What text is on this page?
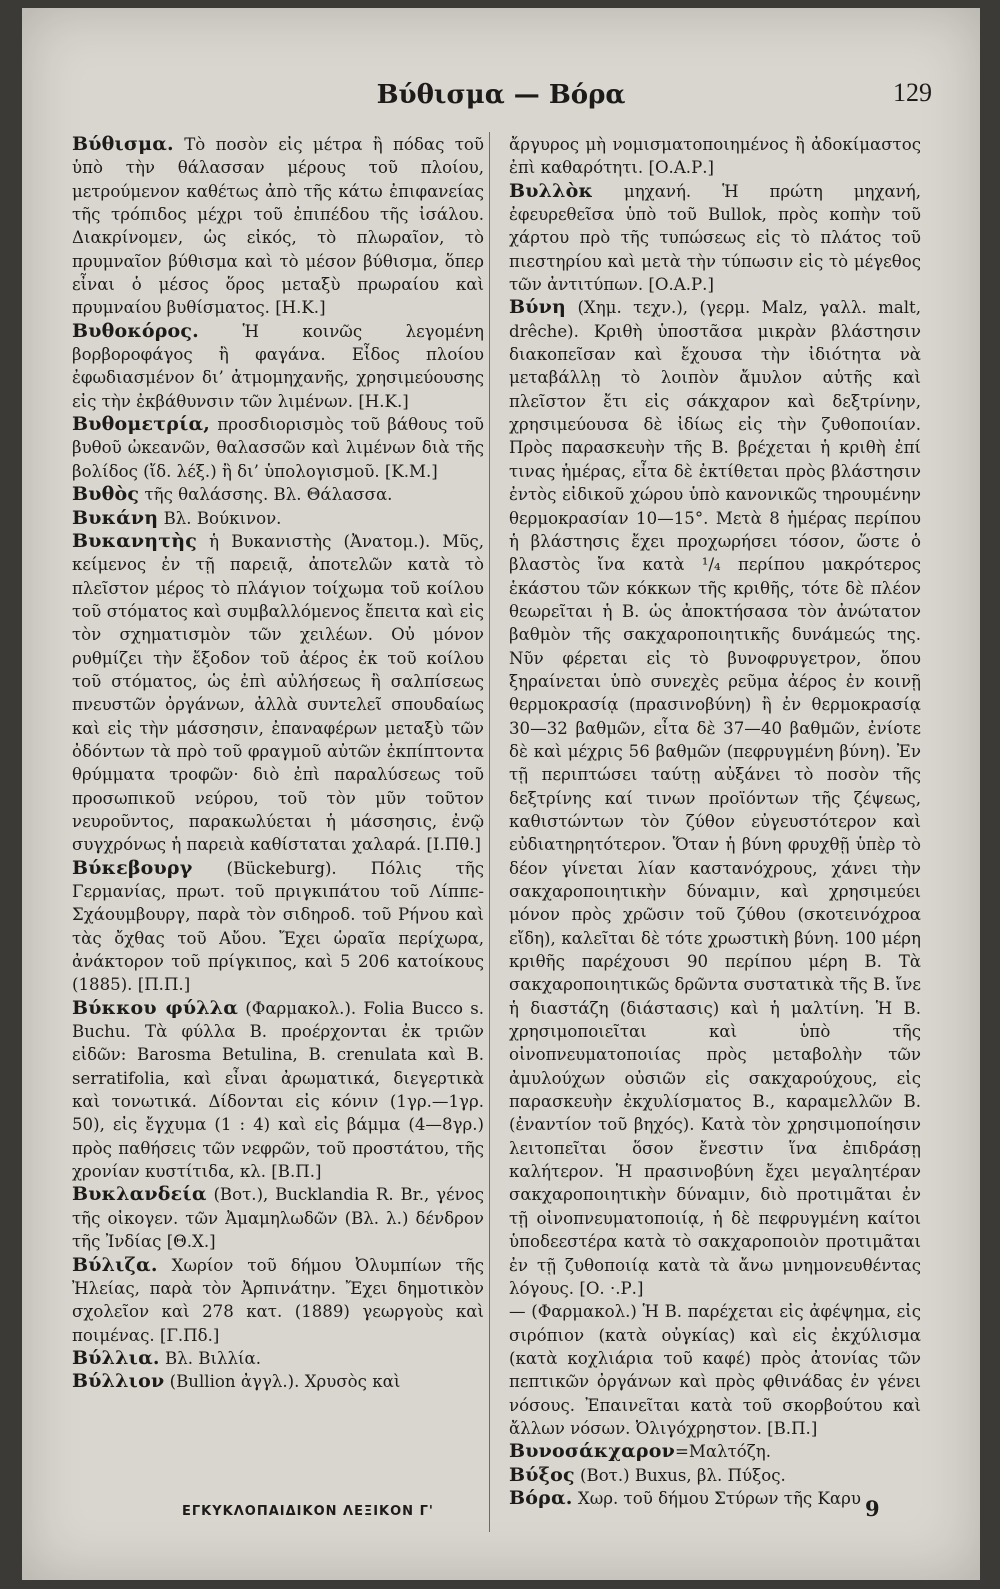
Βύθισμα — Βόρα	129

Βύθισμα. Τὸ ποσὸν εἰς μέτρα ἢ πόδας τοῦ ὑπὸ τὴν θάλασσαν μέρους τοῦ πλοίου, μετρούμενον καθέτως ἀπὸ τῆς κάτω ἐπιφανείας τῆς τρόπιδος μέχρι τοῦ ἐπιπέδου τῆς ἰσάλου. Διακρίνομεν, ὡς εἰκός, τὸ πλωραῖον, τὸ πρυμναῖον βύθισμα καὶ τὸ μέσον βύθισμα, ὅπερ εἶναι ὁ μέσος ὅρος μεταξὺ πρωραίου καὶ πρυμναίου βυθίσματος. [Η.Κ.]

Βυθοκόρος. Ἡ κοινῶς λεγομένη βορβοροφάγος ἢ φαγάνα. Εἶδος πλοίου ἐφωδιασμένον δι’ ἀτμομηχανῆς, χρησιμεύουσης εἰς τὴν ἐκβάθυνσιν τῶν λιμένων. [Η.Κ.]

Βυθομετρία, προσδιορισμὸς τοῦ βάθους τοῦ βυθοῦ ὠκεανῶν, θαλασσῶν καὶ λιμένων διὰ τῆς βολίδος (ἴδ. λέξ.) ἢ δι’ ὑπολογισμοῦ. [Κ.Μ.]

Βυθὸς τῆς θαλάσσης. Βλ. Θάλασσα.

Βυκάνη Βλ. Βούκινον.

Βυκανητὴς ἡ Βυκανιστὴς (Ἀνατομ.). Μῦς, κείμενος ἐν τῇ παρειᾷ, ἀποτελῶν κατὰ τὸ πλεῖστον μέρος τὸ πλάγιον τοίχωμα τοῦ κοίλου τοῦ στόματος καὶ συμβαλλόμενος ἔπειτα καὶ εἰς τὸν σχηματισμὸν τῶν χειλέων. Οὐ μόνον ρυθμίζει τὴν ἔξοδον τοῦ ἀέρος ἐκ τοῦ κοίλου τοῦ στόματος, ὡς ἐπὶ αὐλήσεως ἢ σαλπίσεως πνευστῶν ὀργάνων, ἀλλὰ συντελεῖ σπουδαίως καὶ εἰς τὴν μάσσησιν, ἐπαναφέρων μεταξὺ τῶν ὀδόντων τὰ πρὸ τοῦ φραγμοῦ αὐτῶν ἐκπίπτοντα θρύμματα τροφῶν· διὸ ἐπὶ παραλύσεως τοῦ προσωπικοῦ νεύρου, τοῦ τὸν μῦν τοῦτον νευροῦντος, παρακωλύεται ἡ μάσσησις, ἐνῷ συγχρόνως ἡ παρειὰ καθίσταται χαλαρά. [Ι.Πθ.]

Βύκεβουργ (Bückeburg). Πόλις τῆς Γερμανίας, πρωτ. τοῦ πριγκιπάτου τοῦ Λίππε-Σχάουμβουργ, παρὰ τὸν σιδηροδ. τοῦ Ρήνου καὶ τὰς ὄχθας τοῦ Αὔου. Ἔχει ὡραῖα περίχωρα, ἀνάκτορον τοῦ πρίγκιπος, καὶ 5 206 κατοίκους (1885). [Π.Π.]

Βύκκου φύλλα (Φαρμακολ.). Folia Bucco s. Buchu. Τὰ φύλλα Β. προέρχονται ἐκ τριῶν εἰδῶν: Barosma Betulina, B. crenulata καὶ B. serratifolia, καὶ εἶναι ἀρωματικά, διεγερτικὰ καὶ τονωτικά. Δίδονται εἰς κόνιν (1γρ.—1γρ. 50), εἰς ἔγχυμα (1 : 4) καὶ εἰς βάμμα (4—8γρ.) πρὸς παθήσεις τῶν νεφρῶν, τοῦ προστάτου, τῆς χρονίαν κυστίτιδα, κλ. [Β.Π.]

Βυκλανδεία (Βοτ.), Bucklandia R. Br., γένος τῆς οἰκογεν. τῶν Ἀμαμηλωδῶν (Βλ. λ.) δένδρον τῆς Ἰνδίας [Θ.Χ.]

Βύλιζα. Χωρίον τοῦ δήμου Ὀλυμπίων τῆς Ἠλείας, παρὰ τὸν Ἀρπινάτην. Ἔχει δημοτικὸν σχολεῖον καὶ 278 κατ. (1889) γεωργοὺς καὶ ποιμένας. [Γ.Πδ.]

Βύλλια. Βλ. Βιλλία.

Βύλλιον (Bullion ἀγγλ.). Χρυσὸς καὶ

ἄργυρος μὴ νομισματοποιημένος ἢ ἀδοκίμαστος ἐπὶ καθαρότητι. [Ο.Α.Ρ.]

Βυλλὸκ μηχανή. Ἡ πρώτη μηχανή, ἐφευρεθεῖσα ὑπὸ τοῦ Bullok, πρὸς κοπὴν τοῦ χάρτου πρὸ τῆς τυπώσεως εἰς τὸ πλάτος τοῦ πιεστηρίου καὶ μετὰ τὴν τύπωσιν εἰς τὸ μέγεθος τῶν ἀντιτύπων. [Ο.Α.Ρ.]

Βύνη (Χημ. τεχν.), (γερμ. Malz, γαλλ. malt, drêche). Κριθὴ ὑποστᾶσα μικρὰν βλάστησιν διακοπεῖσαν καὶ ἔχουσα τὴν ἰδιότητα νὰ μεταβάλλῃ τὸ λοιπὸν ἄμυλον αὐτῆς καὶ πλεῖστον ἔτι εἰς σάκχαρον καὶ δεξτρίνην, χρησιμεύουσα δὲ ἰδίως εἰς τὴν ζυθοποιίαν. Πρὸς παρασκευὴν τῆς Β. βρέχεται ἡ κριθὴ ἐπί τινας ἡμέρας, εἶτα δὲ ἐκτίθεται πρὸς βλάστησιν ἐντὸς εἰδικοῦ χώρου ὑπὸ κανονικῶς τηρουμένην θερμοκρασίαν 10—15°. Μετὰ 8 ἡμέρας περίπου ἡ βλάστησις ἔχει προχωρήσει τόσον, ὥστε ὁ βλαστὸς ἴνα κατὰ ¹/₄ περίπου μακρότερος ἑκάστου τῶν κόκκων τῆς κριθῆς, τότε δὲ πλέον θεωρεῖται ἡ Β. ὡς ἀποκτήσασα τὸν ἀνώτατον βαθμὸν τῆς σακχαροποιητικῆς δυνάμεώς της. Νῦν φέρεται εἰς τὸ βυνοφρυγετρον, ὅπου ξηραίνεται ὑπὸ συνεχὲς ρεῦμα ἀέρος ἐν κοινῇ θερμοκρασίᾳ (πρασινοβύνη) ἢ ἐν θερμοκρασίᾳ 30—32 βαθμῶν, εἶτα δὲ 37—40 βαθμῶν, ἐνίοτε δὲ καὶ μέχρις 56 βαθμῶν (πεφρυγμένη βύνη). Ἐν τῇ περιπτώσει ταύτῃ αὐξάνει τὸ ποσὸν τῆς δεξτρίνης καί τινων προϊόντων τῆς ζέψεως, καθιστώντων τὸν ζύθον εὐγευστότερον καὶ εὐδιατηρητότερον. Ὅταν ἡ βύνη φρυχθῇ ὑπὲρ τὸ δέον γίνεται λίαν καστανόχρους, χάνει τὴν σακχαροποιητικὴν δύναμιν, καὶ χρησιμεύει μόνον πρὸς χρῶσιν τοῦ ζύθου (σκοτεινόχροα εἴδη), καλεῖται δὲ τότε χρωστικὴ βύνη. 100 μέρη κριθῆς παρέχουσι 90 περίπου μέρη Β. Τὰ σακχαροποιητικῶς δρῶντα συστατικὰ τῆς Β. ἴνε ἡ διαστάζη (διάστασις) καὶ ἡ μαλτίνη. Ἡ Β. χρησιμοποιεῖται καὶ ὑπὸ τῆς οἰνοπνευματοποιίας πρὸς μεταβολὴν τῶν ἀμυλούχων οὐσιῶν εἰς σακχαρούχους, εἰς παρασκευὴν ἐκχυλίσματος Β., καραμελλῶν Β. (ἐναντίον τοῦ βηχός). Κατὰ τὸν χρησιμοποίησιν λειτοπεῖται ὅσον ἔνεστιν ἵνα ἐπιδράσῃ καλήτερον. Ἡ πρασινοβύνη ἔχει μεγαλητέραν σακχαροποιητικὴν δύναμιν, διὸ προτιμᾶται ἐν τῇ οἰνοπνευματοποιίᾳ, ἡ δὲ πεφρυγμένη καίτοι ὑποδεεστέρα κατὰ τὸ σακχαροποιὸν προτιμᾶται ἐν τῇ ζυθοποιίᾳ κατὰ τὰ ἄνω μνημονευθέντας λόγους. [Ο. ·.Ρ.]

— (Φαρμακολ.) Ἡ Β. παρέχεται εἰς ἀφέψημα, εἰς σιρόπιον (κατὰ οὐγκίας) καὶ εἰς ἐκχύλισμα (κατὰ κοχλιάρια τοῦ καφέ) πρὸς ἀτονίας τῶν πεπτικῶν ὀργάνων καὶ πρὸς φθινάδας ἐν γένει νόσους. Ἐπαινεῖται κατὰ τοῦ σκορβούτου καὶ ἄλλων νόσων. Ὀλιγόχρηστον. [Β.Π.]

Βυνοσάκχαρον=Μαλτόζη.

Βύξος (Βοτ.) Buxus, βλ. Πύξος.

Βόρα. Χωρ. τοῦ δήμου Στύρων τῆς Καρυ

ΕΓΚΥΚΛΟΠΑΙΔΙΚΟΝ ΛΕΞΙΚΟΝ Γ'	9
